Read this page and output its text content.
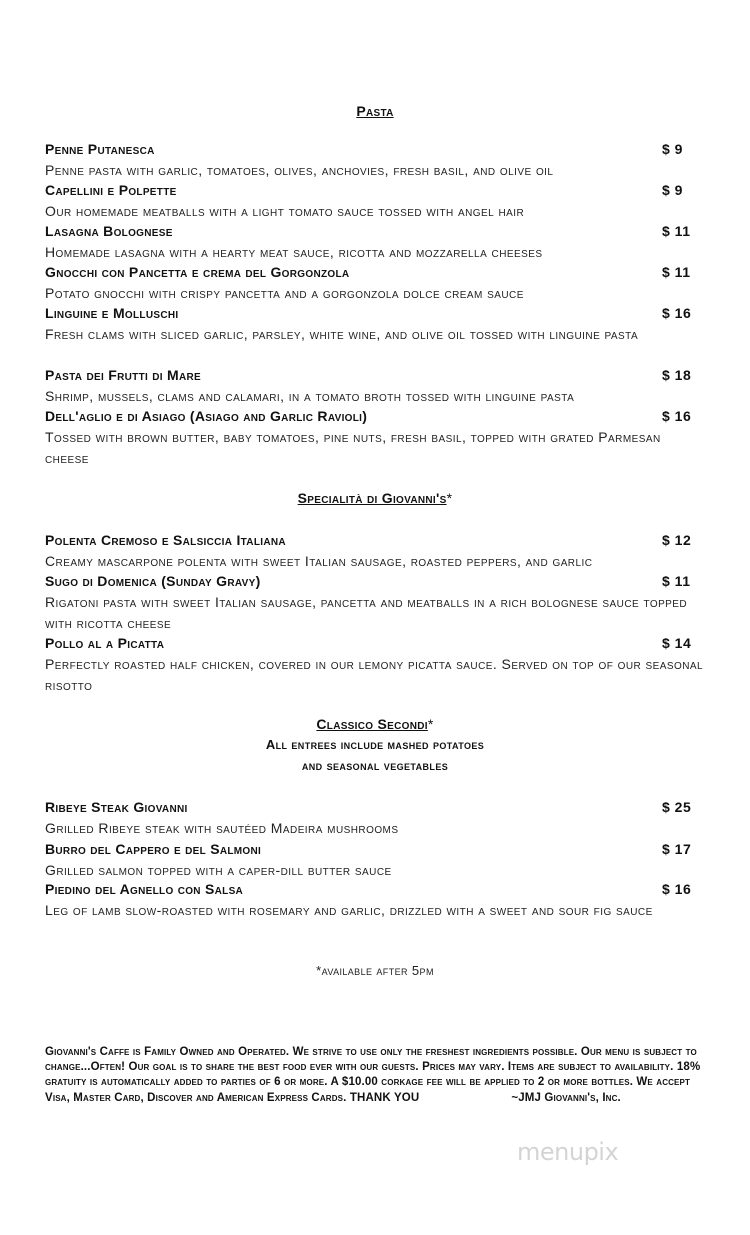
Pasta
Penne Putanesca	$ 9
Penne pasta with garlic, tomatoes, olives, anchovies, fresh basil, and olive oil
Capellini e Polpette	$ 9
Our homemade meatballs with a light tomato sauce tossed with angel hair
Lasagna Bolognese	$ 11
Homemade lasagna with a hearty meat sauce, ricotta and mozzarella cheeses
Gnocchi con Pancetta e crema del Gorgonzola	$ 11
Potato gnocchi with crispy pancetta and a gorgonzola dolce cream sauce
Linguine e Molluschi	$ 16
Fresh clams with sliced garlic, parsley, white wine, and olive oil tossed with linguine pasta
Pasta dei Frutti di Mare	$ 18
Shrimp, mussels, clams and calamari, in a tomato broth tossed with linguine pasta
Dell'aglio e di Asiago (Asiago and Garlic Ravioli)	$ 16
Tossed with brown butter, baby tomatoes, pine nuts, fresh basil, topped with grated Parmesan cheese
Specialità di Giovanni's*
Polenta Cremoso e Salsiccia Italiana	$ 12
Creamy mascarpone polenta with sweet Italian sausage, roasted peppers, and garlic
Sugo di Domenica (Sunday Gravy)	$ 11
Rigatoni pasta with sweet Italian sausage, pancetta and meatballs in a rich bolognese sauce topped with ricotta cheese
Pollo al a Picatta	$ 14
Perfectly roasted half chicken, covered in our lemony picatta sauce. Served on top of our seasonal risotto
Classico Secondi*
All entrees include mashed potatoes
and seasonal vegetables
Ribeye Steak Giovanni	$ 25
Grilled Ribeye steak with sautéed Madeira mushrooms
Burro del Cappero e del Salmoni	$ 17
Grilled salmon topped with a caper-dill butter sauce
Piedino del Agnello con Salsa	$ 16
Leg of lamb slow-roasted with rosemary and garlic, drizzled with a sweet and sour fig sauce
*available after 5pm
Giovanni's Caffe is Family Owned and Operated. We strive to use only the freshest ingredients possible. Our menu is subject to change...Often! Our goal is to share the best food ever with our guests. Prices may vary. Items are subject to availability. 18% gratuity is automatically added to parties of 6 or more. A $10.00 corkage fee will be applied to 2 or more bottles. We accept Visa, Master Card, Discover and American Express Cards. THANK YOU	~JMJ Giovanni's, Inc.
menupix
